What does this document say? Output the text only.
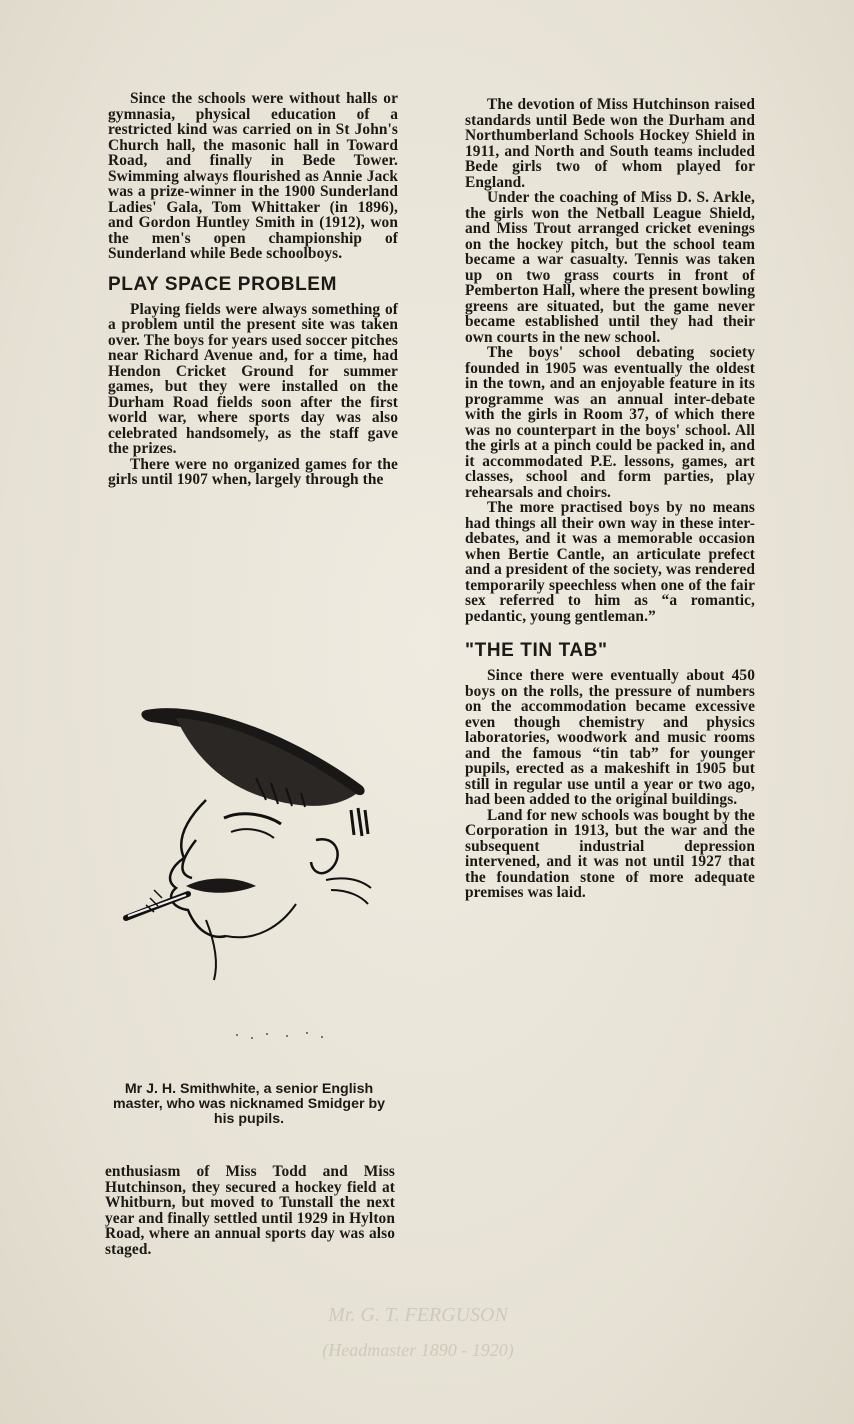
Mr. G. T. FERGUSON
(Headmaster 1890 - 1920)

Since the schools were without halls or gymnasia, physical education of a restricted kind was carried on in St John's Church hall, the masonic hall in Toward Road, and finally in Bede Tower. Swimming always flourished as Annie Jack was a prize-winner in the 1900 Sunderland Ladies' Gala, Tom Whittaker (in 1896), and Gordon Huntley Smith in (1912), won the men's open championship of Sunderland while Bede schoolboys.

PLAY SPACE PROBLEM

Playing fields were always something of a problem until the present site was taken over. The boys for years used soccer pitches near Richard Avenue and, for a time, had Hendon Cricket Ground for summer games, but they were installed on the Durham Road fields soon after the first world war, where sports day was also celebrated handsomely, as the staff gave the prizes.

There were no organized games for the girls until 1907 when, largely through the

Mr J. H. Smithwhite, a senior English master, who was nicknamed Smidger by his pupils.

enthusiasm of Miss Todd and Miss Hutchinson, they secured a hockey field at Whitburn, but moved to Tunstall the next year and finally settled until 1929 in Hylton Road, where an annual sports day was also staged.

The devotion of Miss Hutchinson raised standards until Bede won the Durham and Northumberland Schools Hockey Shield in 1911, and North and South teams included Bede girls two of whom played for England.

Under the coaching of Miss D. S. Arkle, the girls won the Netball League Shield, and Miss Trout arranged cricket evenings on the hockey pitch, but the school team became a war casualty. Tennis was taken up on two grass courts in front of Pemberton Hall, where the present bowling greens are situated, but the game never became established until they had their own courts in the new school.

The boys' school debating society founded in 1905 was eventually the oldest in the town, and an enjoyable feature in its programme was an annual inter-debate with the girls in Room 37, of which there was no counterpart in the boys' school. All the girls at a pinch could be packed in, and it accommodated P.E. lessons, games, art classes, school and form parties, play rehearsals and choirs.

The more practised boys by no means had things all their own way in these inter-debates, and it was a memorable occasion when Bertie Cantle, an articulate prefect and a president of the society, was rendered temporarily speechless when one of the fair sex referred to him as “a romantic, pedantic, young gentleman.”

"THE TIN TAB"

Since there were eventually about 450 boys on the rolls, the pressure of numbers on the accommodation became excessive even though chemistry and physics laboratories, woodwork and music rooms and the famous “tin tab” for younger pupils, erected as a makeshift in 1905 but still in regular use until a year or two ago, had been added to the original buildings.

Land for new schools was bought by the Corporation in 1913, but the war and the subsequent industrial depression intervened, and it was not until 1927 that the foundation stone of more adequate premises was laid.
